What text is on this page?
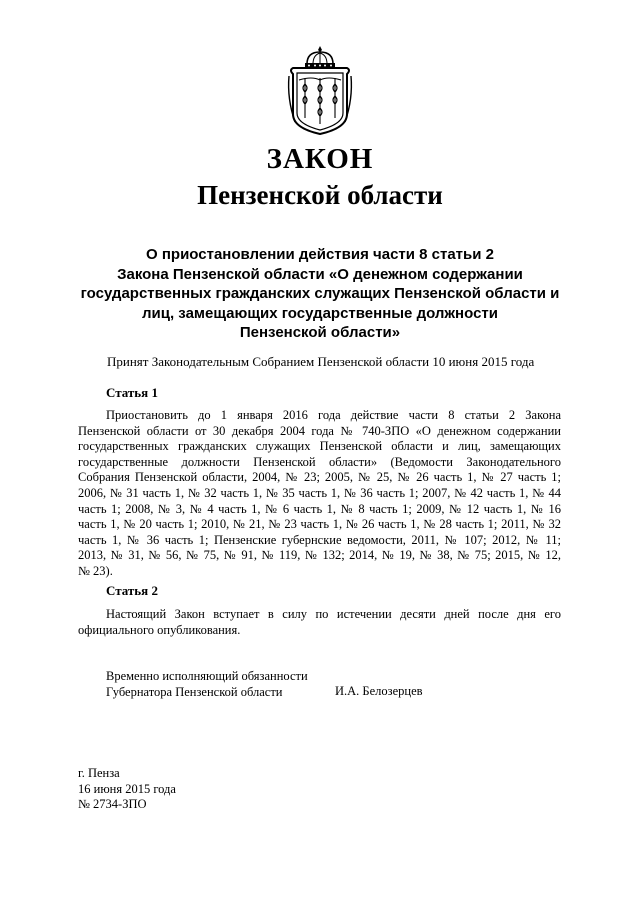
ЗАКОН
Пензенской области
О приостановлении действия части 8 статьи 2
Закона Пензенской области «О денежном содержании
государственных гражданских служащих Пензенской области и
лиц, замещающих государственные должности
Пензенской области»
Принят Законодательным Собранием Пензенской области 10 июня 2015 года
Статья 1
Приостановить до 1 января 2016 года действие части 8 статьи 2 Закона
Пензенской области от 30 декабря 2004 года № 740-ЗПО «О денежном содержании
государственных гражданских служащих Пензенской области и лиц, замещающих
государственные должности Пензенской области» (Ведомости Законодательного
Собрания Пензенской области, 2004, № 23; 2005, № 25, № 26 часть 1, № 27 часть 1;
2006, № 31 часть 1, № 32 часть 1, № 35 часть 1, № 36 часть 1; 2007, № 42 часть 1, № 44
часть 1; 2008, № 3, № 4 часть 1, № 6 часть 1, № 8 часть 1; 2009, № 12 часть 1, № 16
часть 1, № 20 часть 1; 2010, № 21, № 23 часть 1, № 26 часть 1, № 28 часть 1; 2011, № 32
часть 1, № 36 часть 1; Пензенские губернские ведомости, 2011, № 107; 2012, № 11;
2013, № 31, № 56, № 75, № 91, № 119, № 132; 2014, № 19, № 38, № 75; 2015, № 12,
№ 23).
Статья 2
Настоящий Закон вступает в силу по истечении десяти дней после дня его
официального опубликования.
Временно исполняющий обязанности
Губернатора Пензенской области	И.А. Белозерцев
г. Пенза
16 июня 2015 года
№ 2734-ЗПО
